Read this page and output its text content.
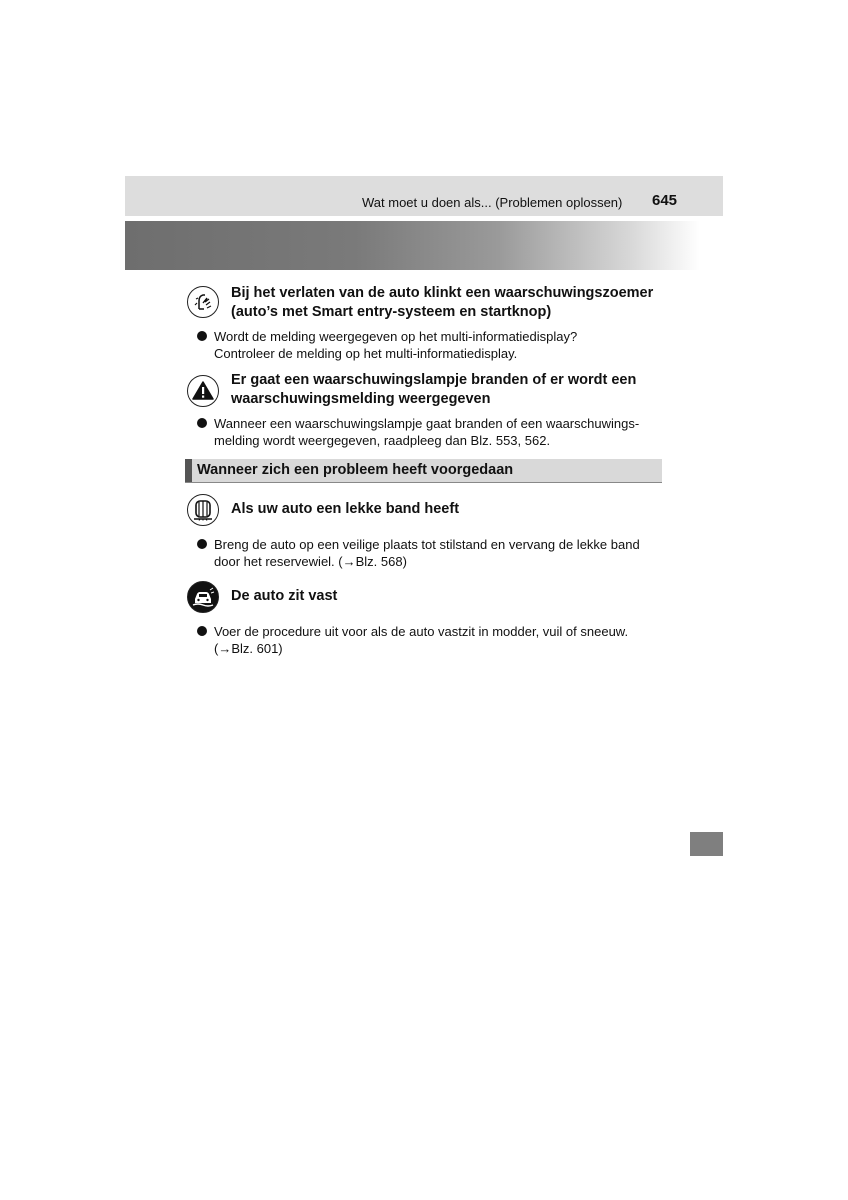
Wat moet u doen als... (Problemen oplossen) 645
Bij het verlaten van de auto klinkt een waarschuwingszoemer
(auto’s met Smart entry-systeem en startknop)
Wordt de melding weergegeven op het multi-informatiedisplay?
Controleer de melding op het multi-informatiedisplay.
Er gaat een waarschuwingslampje branden of er wordt een
waarschuwingsmelding weergegeven
Wanneer een waarschuwingslampje gaat branden of een waarschuwings-
melding wordt weergegeven, raadpleeg dan Blz. 553, 562.
Wanneer zich een probleem heeft voorgedaan
Als uw auto een lekke band heeft
Breng de auto op een veilige plaats tot stilstand en vervang de lekke band
door het reservewiel. (→Blz. 568)
De auto zit vast
Voer de procedure uit voor als de auto vastzit in modder, vuil of sneeuw.
(→Blz. 601)
